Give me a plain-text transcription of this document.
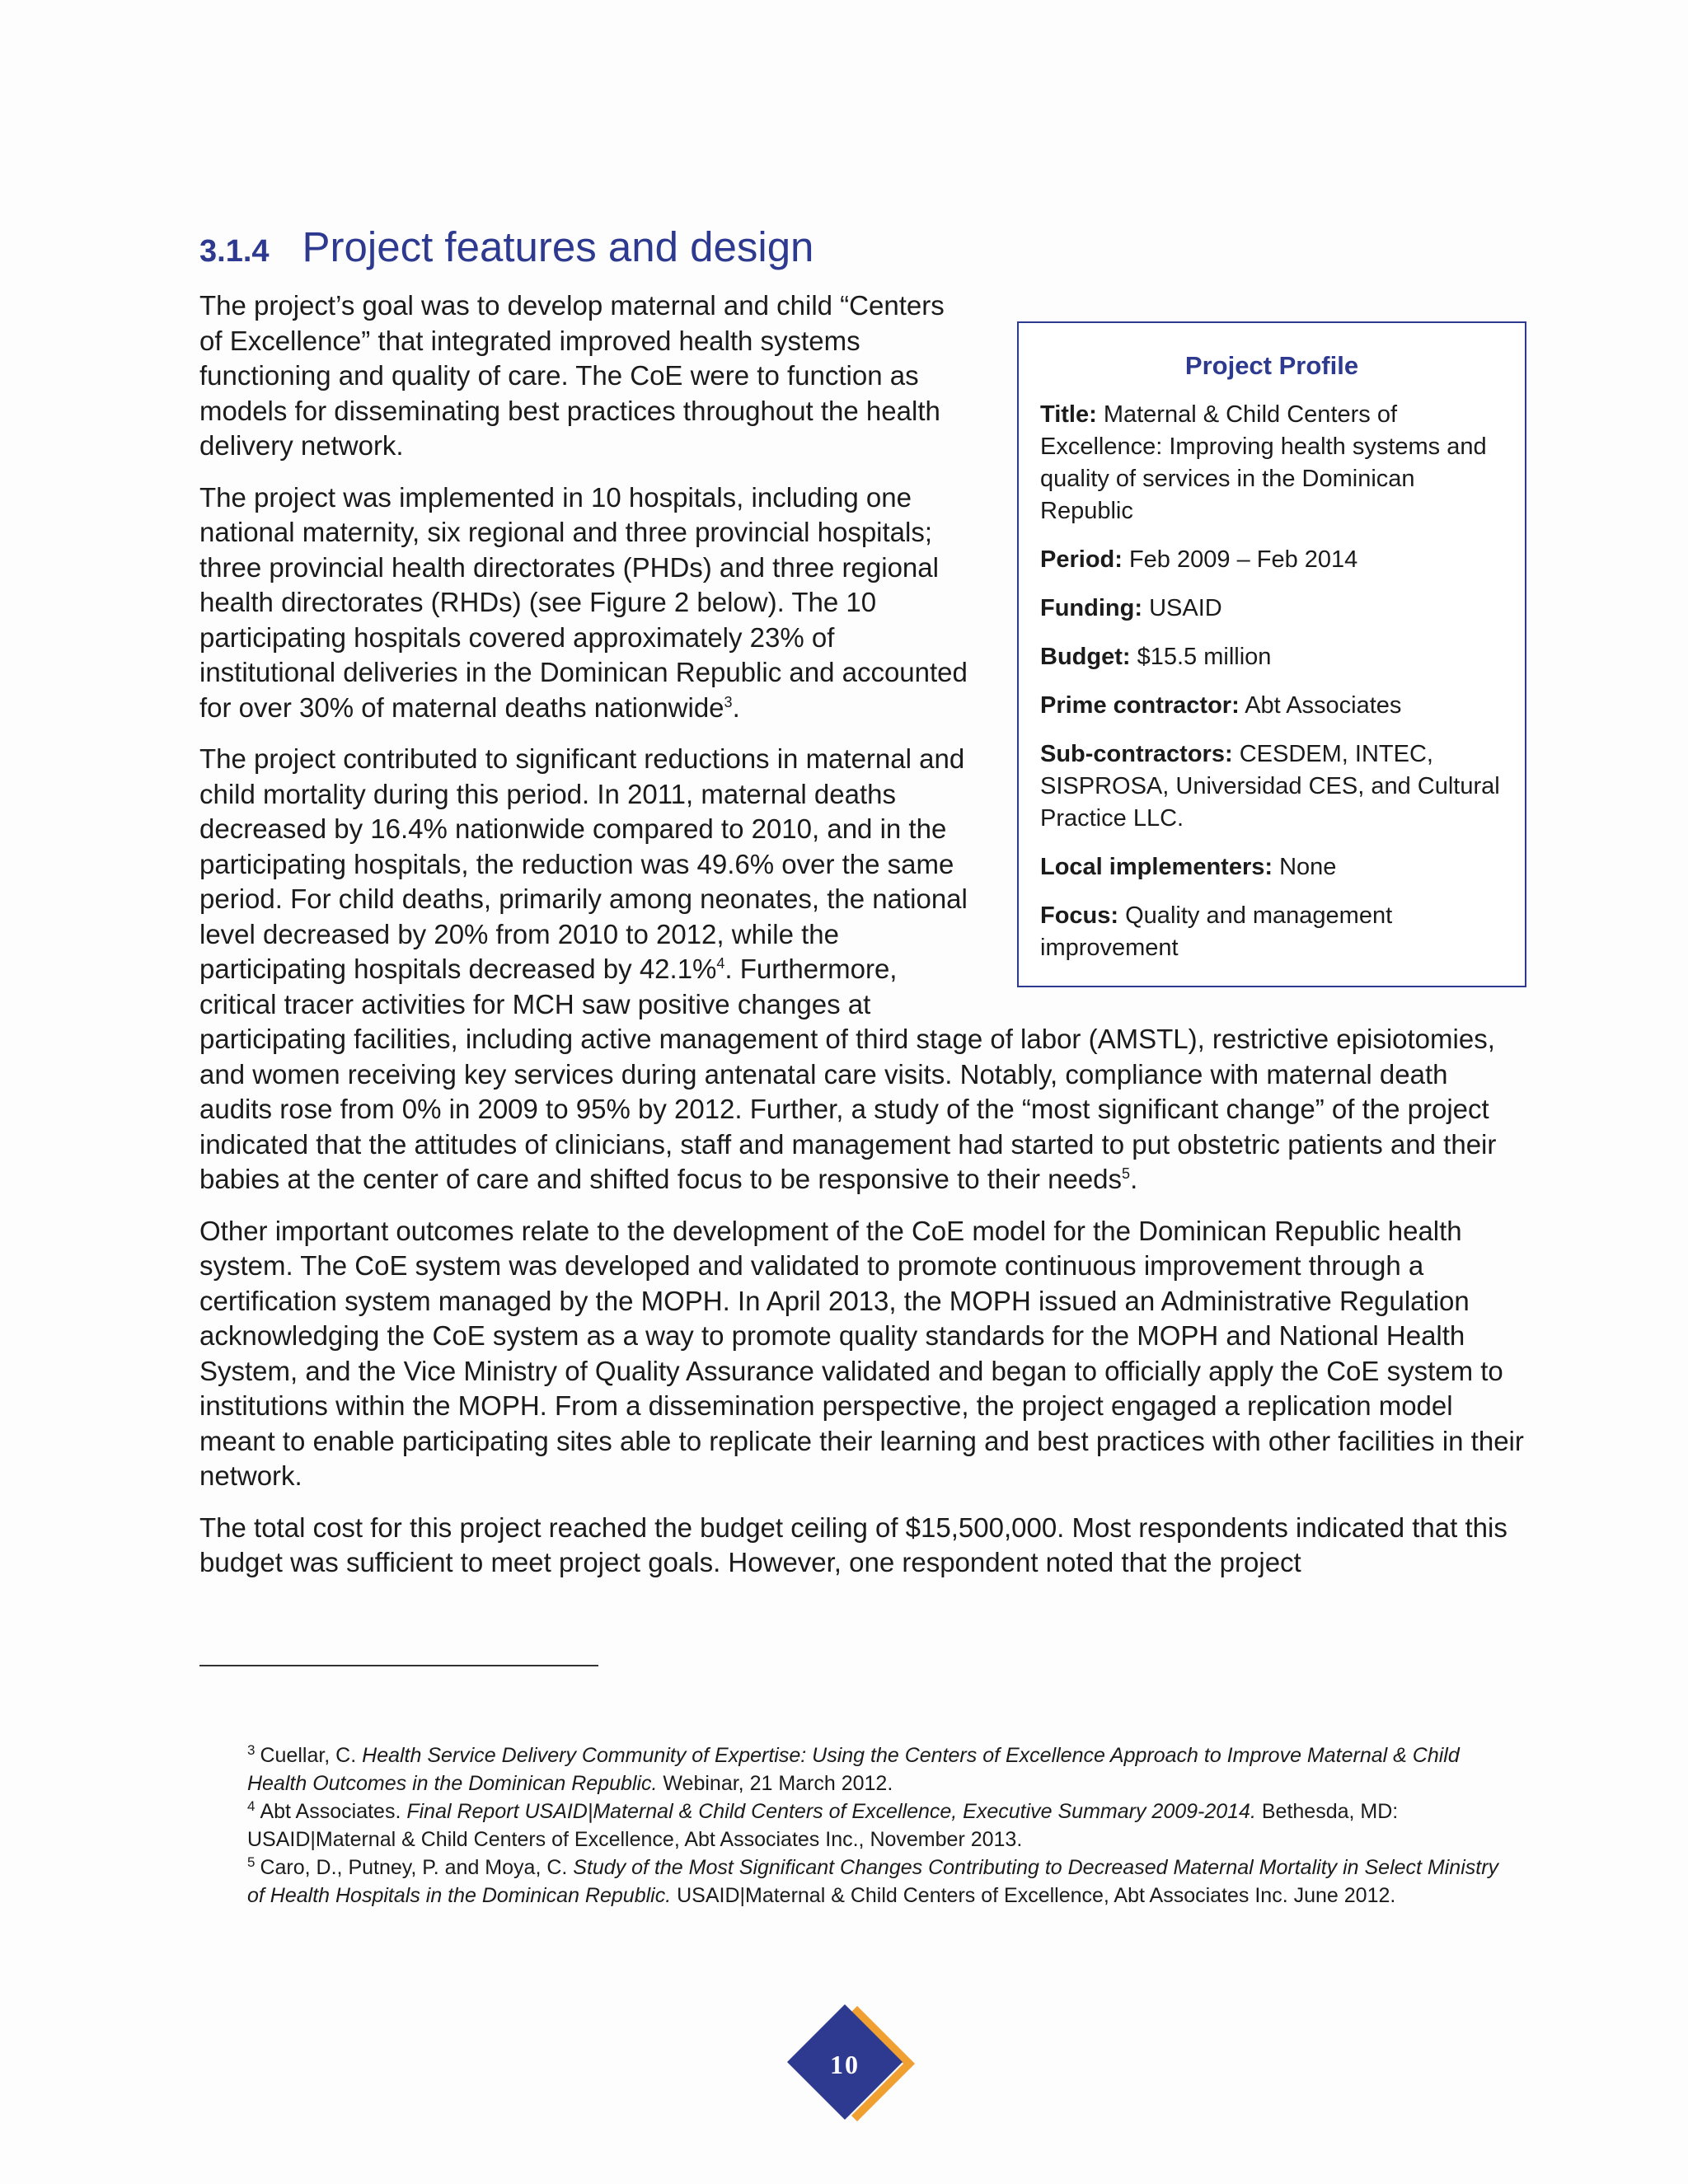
3.1.4 Project features and design
Project Profile
Title: Maternal & Child Centers of Excellence: Improving health systems and quality of services in the Dominican Republic
Period: Feb 2009 – Feb 2014
Funding: USAID
Budget: $15.5 million
Prime contractor: Abt Associates
Sub-contractors: CESDEM, INTEC, SISPROSA, Universidad CES, and Cultural Practice LLC.
Local implementers: None
Focus: Quality and management improvement

The project’s goal was to develop maternal and child “Centers of Excellence” that integrated improved health systems functioning and quality of care. The CoE were to function as models for disseminating best practices throughout the health delivery network.

The project was implemented in 10 hospitals, including one national maternity, six regional and three provincial hospitals; three provincial health directorates (PHDs) and three regional health directorates (RHDs) (see Figure 2 below). The 10 participating hospitals covered approximately 23% of institutional deliveries in the Dominican Republic and accounted for over 30% of maternal deaths nationwide$^3$.

The project contributed to significant reductions in maternal and child mortality during this period. In 2011, maternal deaths decreased by 16.4% nationwide compared to 2010, and in the participating hospitals, the reduction was 49.6% over the same period. For child deaths, primarily among neonates, the national level decreased by 20% from 2010 to 2012, while the participating hospitals decreased by 42.1%$^4$. Furthermore, critical tracer activities for MCH saw positive changes at participating facilities, including active management of third stage of labor (AMSTL), restrictive episiotomies, and women receiving key services during antenatal care visits. Notably, compliance with maternal death audits rose from 0% in 2009 to 95% by 2012. Further, a study of the “most significant change” of the project indicated that the attitudes of clinicians, staff and management had started to put obstetric patients and their babies at the center of care and shifted focus to be responsive to their needs$^5$.

Other important outcomes relate to the development of the CoE model for the Dominican Republic health system. The CoE system was developed and validated to promote continuous improvement through a certification system managed by the MOPH. In April 2013, the MOPH issued an Administrative Regulation acknowledging the CoE system as a way to promote quality standards for the MOPH and National Health System, and the Vice Ministry of Quality Assurance validated and began to officially apply the CoE system to institutions within the MOPH. From a dissemination perspective, the project engaged a replication model meant to enable participating sites able to replicate their learning and best practices with other facilities in their network.

The total cost for this project reached the budget ceiling of $15,500,000. Most respondents indicated that this budget was sufficient to meet project goals. However, one respondent noted that the project

$^3$ Cuellar, C. Health Service Delivery Community of Expertise: Using the Centers of Excellence Approach to Improve Maternal & Child Health Outcomes in the Dominican Republic. Webinar, 21 March 2012.

$^4$ Abt Associates. Final Report USAID|Maternal & Child Centers of Excellence, Executive Summary 2009-2014. Bethesda, MD: USAID|Maternal & Child Centers of Excellence, Abt Associates Inc., November 2013.

$^5$ Caro, D., Putney, P. and Moya, C. Study of the Most Significant Changes Contributing to Decreased Maternal Mortality in Select Ministry of Health Hospitals in the Dominican Republic. USAID|Maternal & Child Centers of Excellence, Abt Associates Inc. June 2012.

10
